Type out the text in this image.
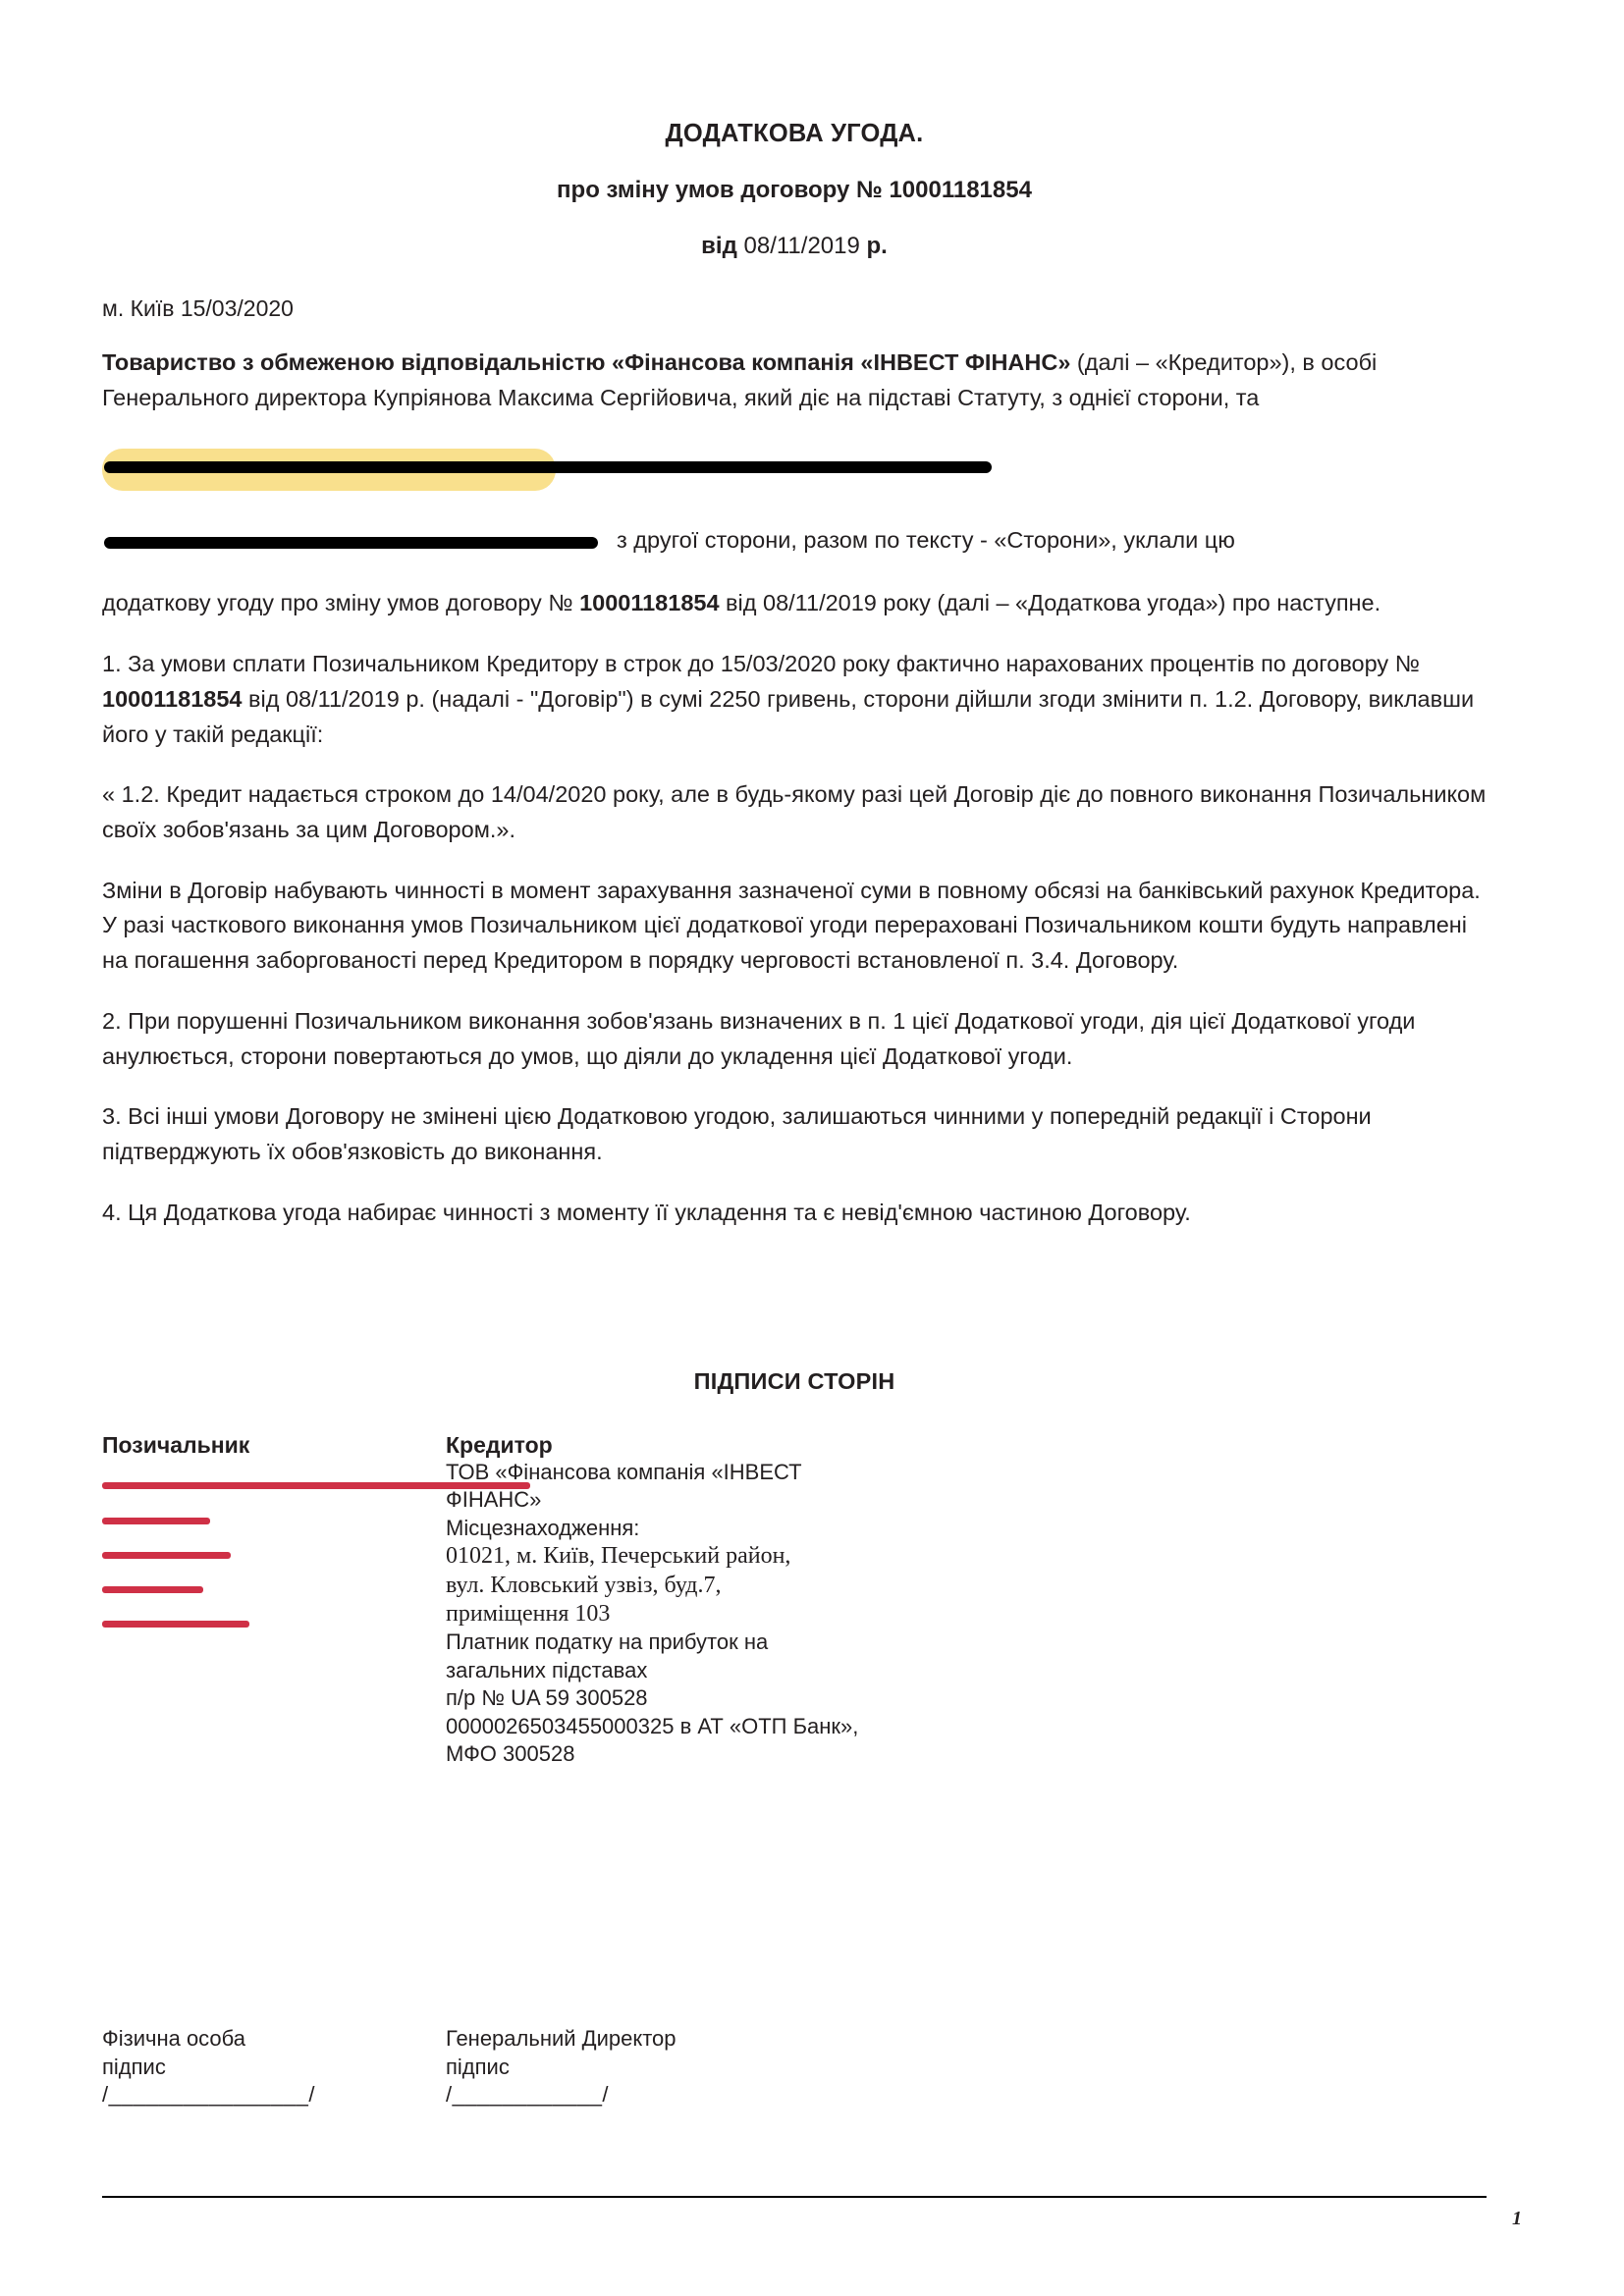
ДОДАТКОВА УГОДА.
про зміну умов договору № 10001181854

від 08/11/2019 р.

м. Київ 15/03/2020

Товариство з обмеженою відповідальністю «Фінансова компанія «ІНВЕСТ ФІНАНС» (далі – «Кредитор»), в особі Генерального директора Купріянова Максима Сергійовича, який діє на підставі Статуту, з однієї сторони, та

з другої сторони, разом по тексту - «Сторони», уклали цю

додаткову угоду про зміну умов договору № 10001181854 від 08/11/2019 року (далі – «Додаткова угода») про наступне.

1. За умови сплати Позичальником Кредитору в строк до 15/03/2020 року фактично нарахованих процентів по договору № 10001181854 від 08/11/2019 р. (надалі - "Договір") в сумі 2250 гривень, сторони дійшли згоди змінити п. 1.2. Договору, виклавши його у такій редакції:

« 1.2. Кредит надається строком до 14/04/2020 року, але в будь-якому разі цей Договір діє до повного виконання Позичальником своїх зобов'язань за цим Договором.».

Зміни в Договір набувають чинності в момент зарахування зазначеної суми в повному обсязі на банківський рахунок Кредитора. У разі часткового виконання умов Позичальником цієї додаткової угоди перераховані Позичальником кошти будуть направлені на погашення заборгованості перед Кредитором в порядку черговості встановленої п. 3.4. Договору.

2. При порушенні Позичальником виконання зобов'язань визначених в п. 1 цієї Додаткової угоди, дія цієї Додаткової угоди анулюється, сторони повертаються до умов, що діяли до укладення цієї Додаткової угоди.

3. Всі інші умови Договору не змінені цією Додатковою угодою, залишаються чинними у попередній редакції і Сторони підтверджують їх обов'язковість до виконання.

4. Ця Додаткова угода набирає чинності з моменту її укладення та є невід'ємною частиною Договору.

ПІДПИСИ СТОРІН

Позичальник	Кредитор

ТОВ «Фінансова компанія «ІНВЕСТ

ФІНАНС»

Місцезнаходження:

01021, м. Київ, Печерський район,

вул. Кловський узвіз, буд.7,

приміщення 103

Платник податку на прибуток на

загальних підставах

п/р № UA 59 300528

0000026503455000325 в АТ «ОТП Банк»,

МФО 300528

Фізична особа

підпис

/________________/

Генеральний Директор

підпис

/____________/

1
